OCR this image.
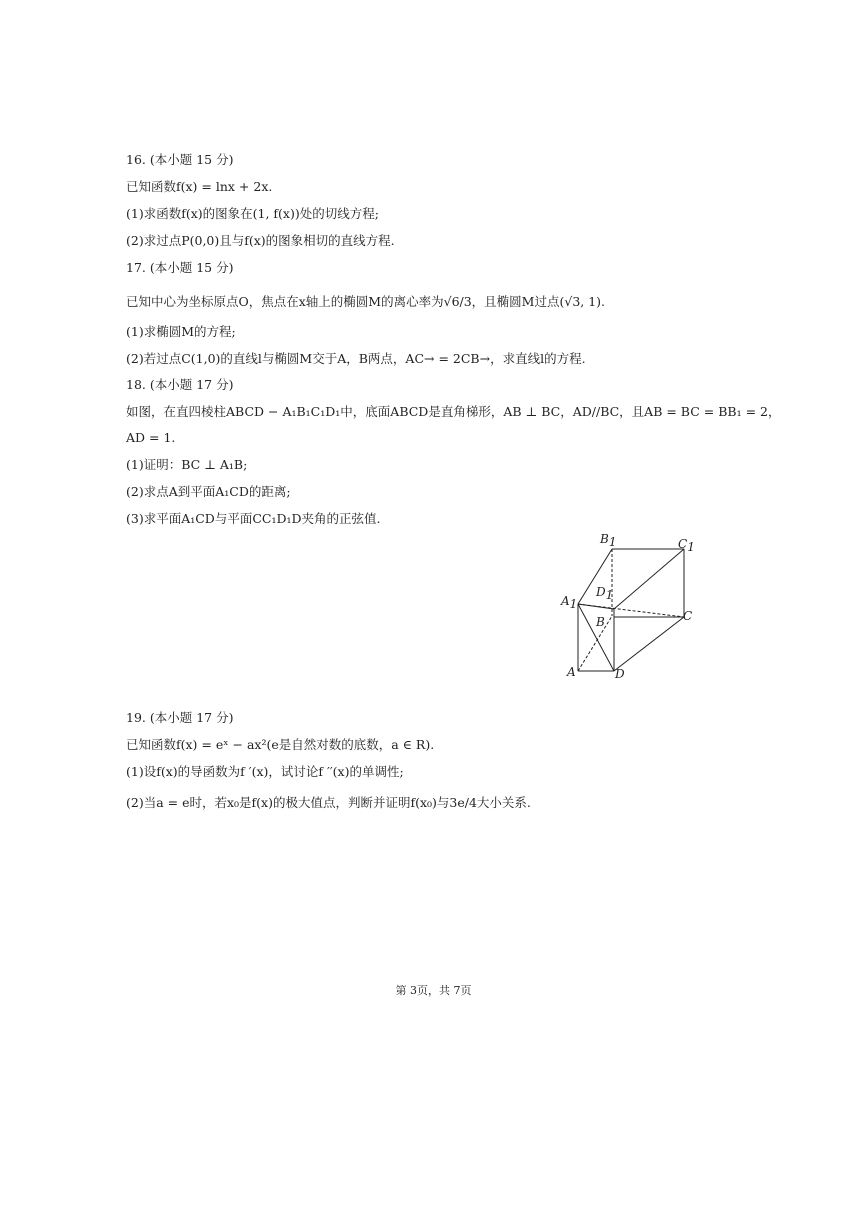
16. (本小题 15 分)
已知函数f(x) = lnx + 2x.
(1)求函数f(x)的图象在(1, f(x))处的切线方程;
(2)求过点P(0,0)且与f(x)的图象相切的直线方程.
17. (本小题 15 分)
已知中心为坐标原点O，焦点在x轴上的椭圆M的离心率为√6/3，且椭圆M过点(√3, 1).
(1)求椭圆M的方程;
(2)若过点C(1,0)的直线l与椭圆M交于A，B两点，AC→ = 2CB→，求直线l的方程.
18. (本小题 17 分)
如图，在直四棱柱ABCD − A₁B₁C₁D₁中，底面ABCD是直角梯形，AB ⊥ BC，AD//BC，且AB = BC = BB₁ = 2，
AD = 1.
(1)证明：BC ⊥ A₁B;
(2)求点A到平面A₁CD的距离;
(3)求平面A₁CD与平面CC₁D₁D夹角的正弦值.
B1	C1
A1
D1
B	C
A	D
19. (本小题 17 分)
已知函数f(x) = eˣ − ax²(e是自然对数的底数，a ∈ R).
(1)设f(x)的导函数为f ′(x)，试讨论f ′′(x)的单调性;
(2)当a = e时，若x₀是f(x)的极大值点，判断并证明f(x₀)与3e/4大小关系.
第 3页，共 7页
